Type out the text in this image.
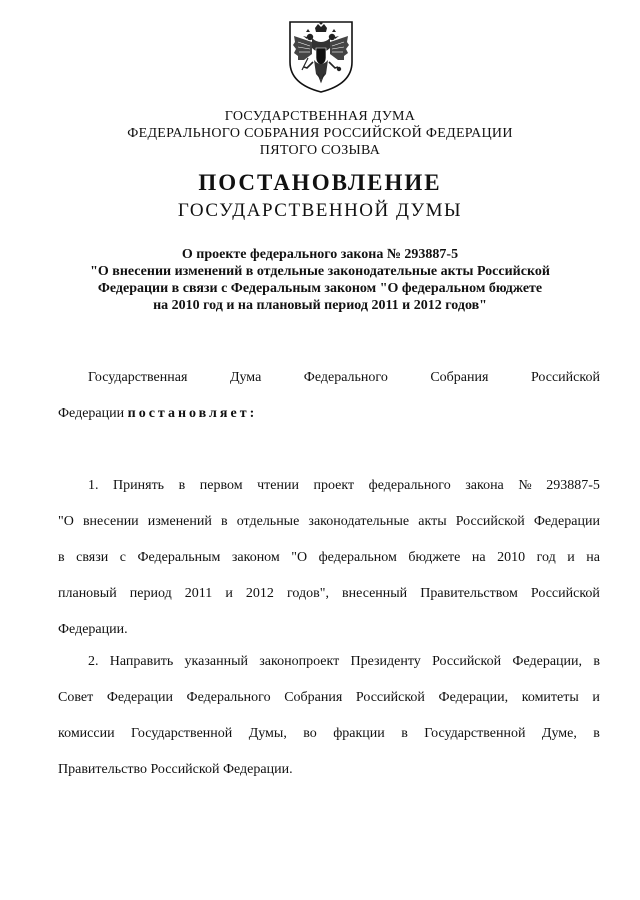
ГОСУДАРСТВЕННАЯ ДУМА
ФЕДЕРАЛЬНОГО СОБРАНИЯ РОССИЙСКОЙ ФЕДЕРАЦИИ
ПЯТОГО СОЗЫВА
ПОСТАНОВЛЕНИЕ
ГОСУДАРСТВЕННОЙ ДУМЫ
О проекте федерального закона № 293887-5
"О внесении изменений в отдельные законодательные акты Российской
Федерации в связи с Федеральным законом "О федеральном бюджете
на 2010 год и на плановый период 2011 и 2012 годов"
Государственная	Дума	Федерального	Собрания	Российской
Федерации постановляет:
1. Принять в первом чтении проект федерального закона № 293887-5
"О внесении изменений в отдельные законодательные акты Российской Федерации
в связи с Федеральным законом "О федеральном бюджете на 2010 год и на
плановый период 2011 и 2012 годов", внесенный Правительством Российской
Федерации.
2. Направить указанный законопроект Президенту Российской Федерации, в
Совет Федерации Федерального Собрания Российской Федерации, комитеты и
комиссии Государственной Думы, во фракции в Государственной Думе, в
Правительство Российской Федерации.
